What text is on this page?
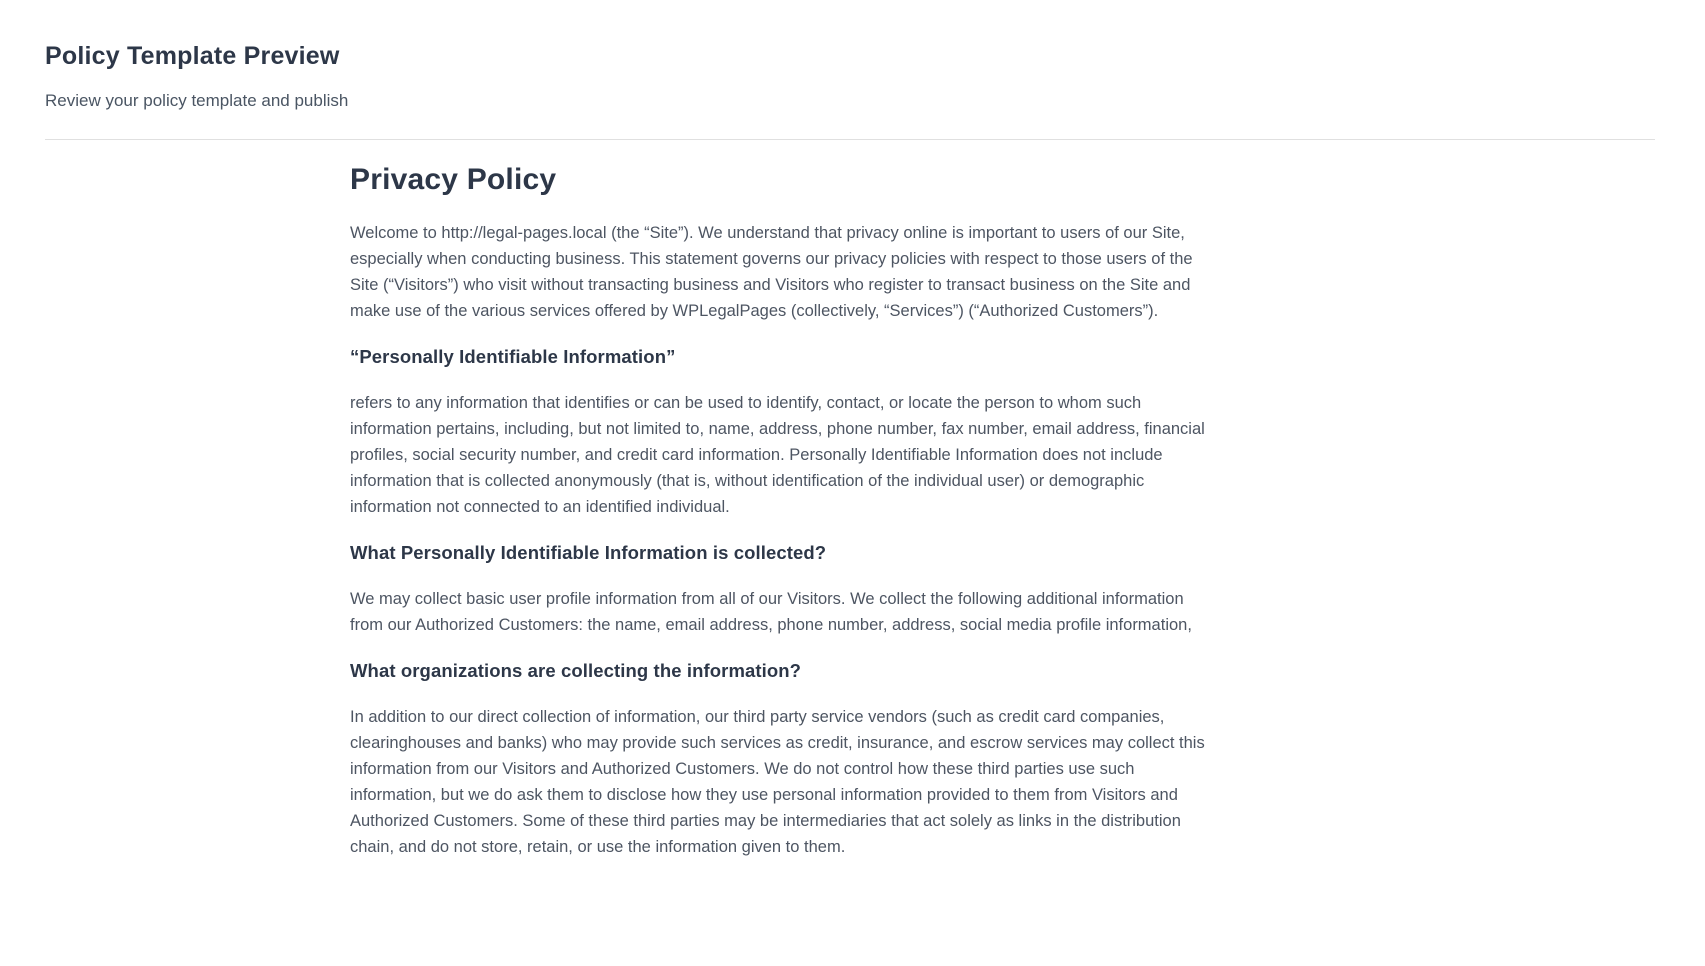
Policy Template Preview
Review your policy template and publish
Privacy Policy

Welcome to http://legal-pages.local (the “Site”). We understand that privacy online is important to users of our Site, especially when conducting business. This statement governs our privacy policies with respect to those users of the Site (“Visitors”) who visit without transacting business and Visitors who register to transact business on the Site and make use of the various services offered by WPLegalPages (collectively, “Services”) (“Authorized Customers”).

“Personally Identifiable Information”

refers to any information that identifies or can be used to identify, contact, or locate the person to whom such information pertains, including, but not limited to, name, address, phone number, fax number, email address, financial profiles, social security number, and credit card information. Personally Identifiable Information does not include information that is collected anonymously (that is, without identification of the individual user) or demographic information not connected to an identified individual.

What Personally Identifiable Information is collected?

We may collect basic user profile information from all of our Visitors. We collect the following additional information from our Authorized Customers: the name, email address, phone number, address, social media profile information,

What organizations are collecting the information?

In addition to our direct collection of information, our third party service vendors (such as credit card companies, clearinghouses and banks) who may provide such services as credit, insurance, and escrow services may collect this information from our Visitors and Authorized Customers. We do not control how these third parties use such information, but we do ask them to disclose how they use personal information provided to them from Visitors and Authorized Customers. Some of these third parties may be intermediaries that act solely as links in the distribution chain, and do not store, retain, or use the information given to them.
